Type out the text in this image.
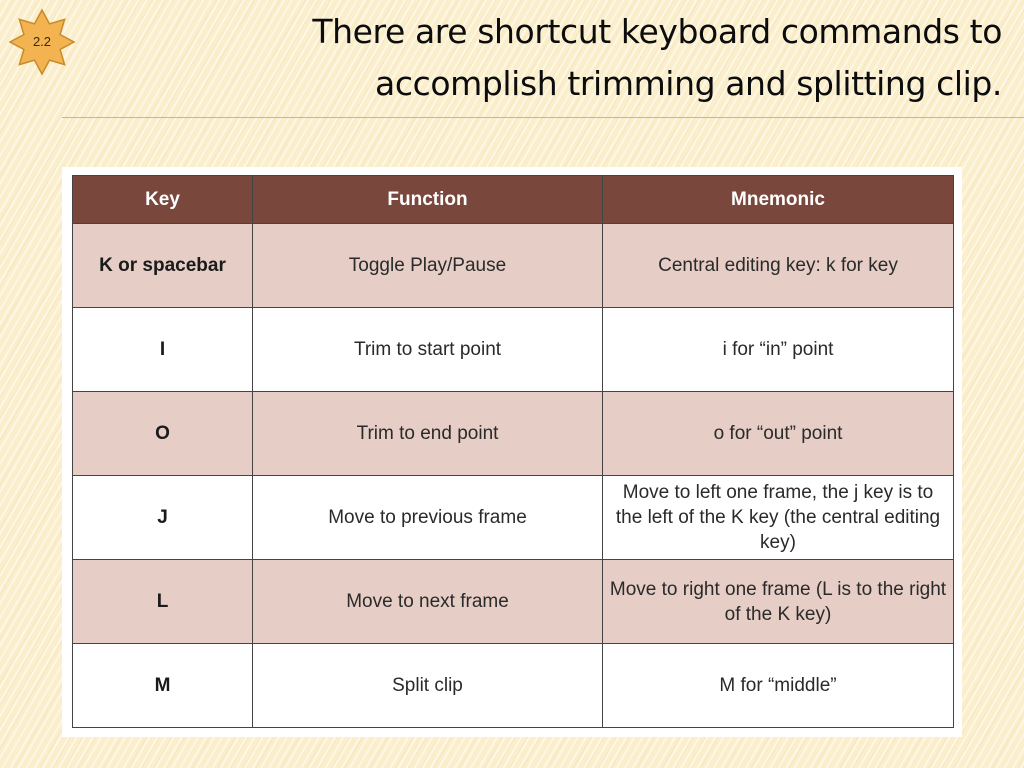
2.2	There are shortcut keyboard commands to
accomplish trimming and splitting clip.
Key	Function	Mnemonic
K or spacebar	Toggle Play/Pause	Central editing key: k for key
I	Trim to start point	i for “in” point
O	Trim to end point	o for “out” point
J	Move to previous frame	Move to left one frame, the j key is to the left of the K key (the central editing key)
L	Move to next frame	Move to right one frame (L is to the right of the K key)
M	Split clip	M for “middle”
